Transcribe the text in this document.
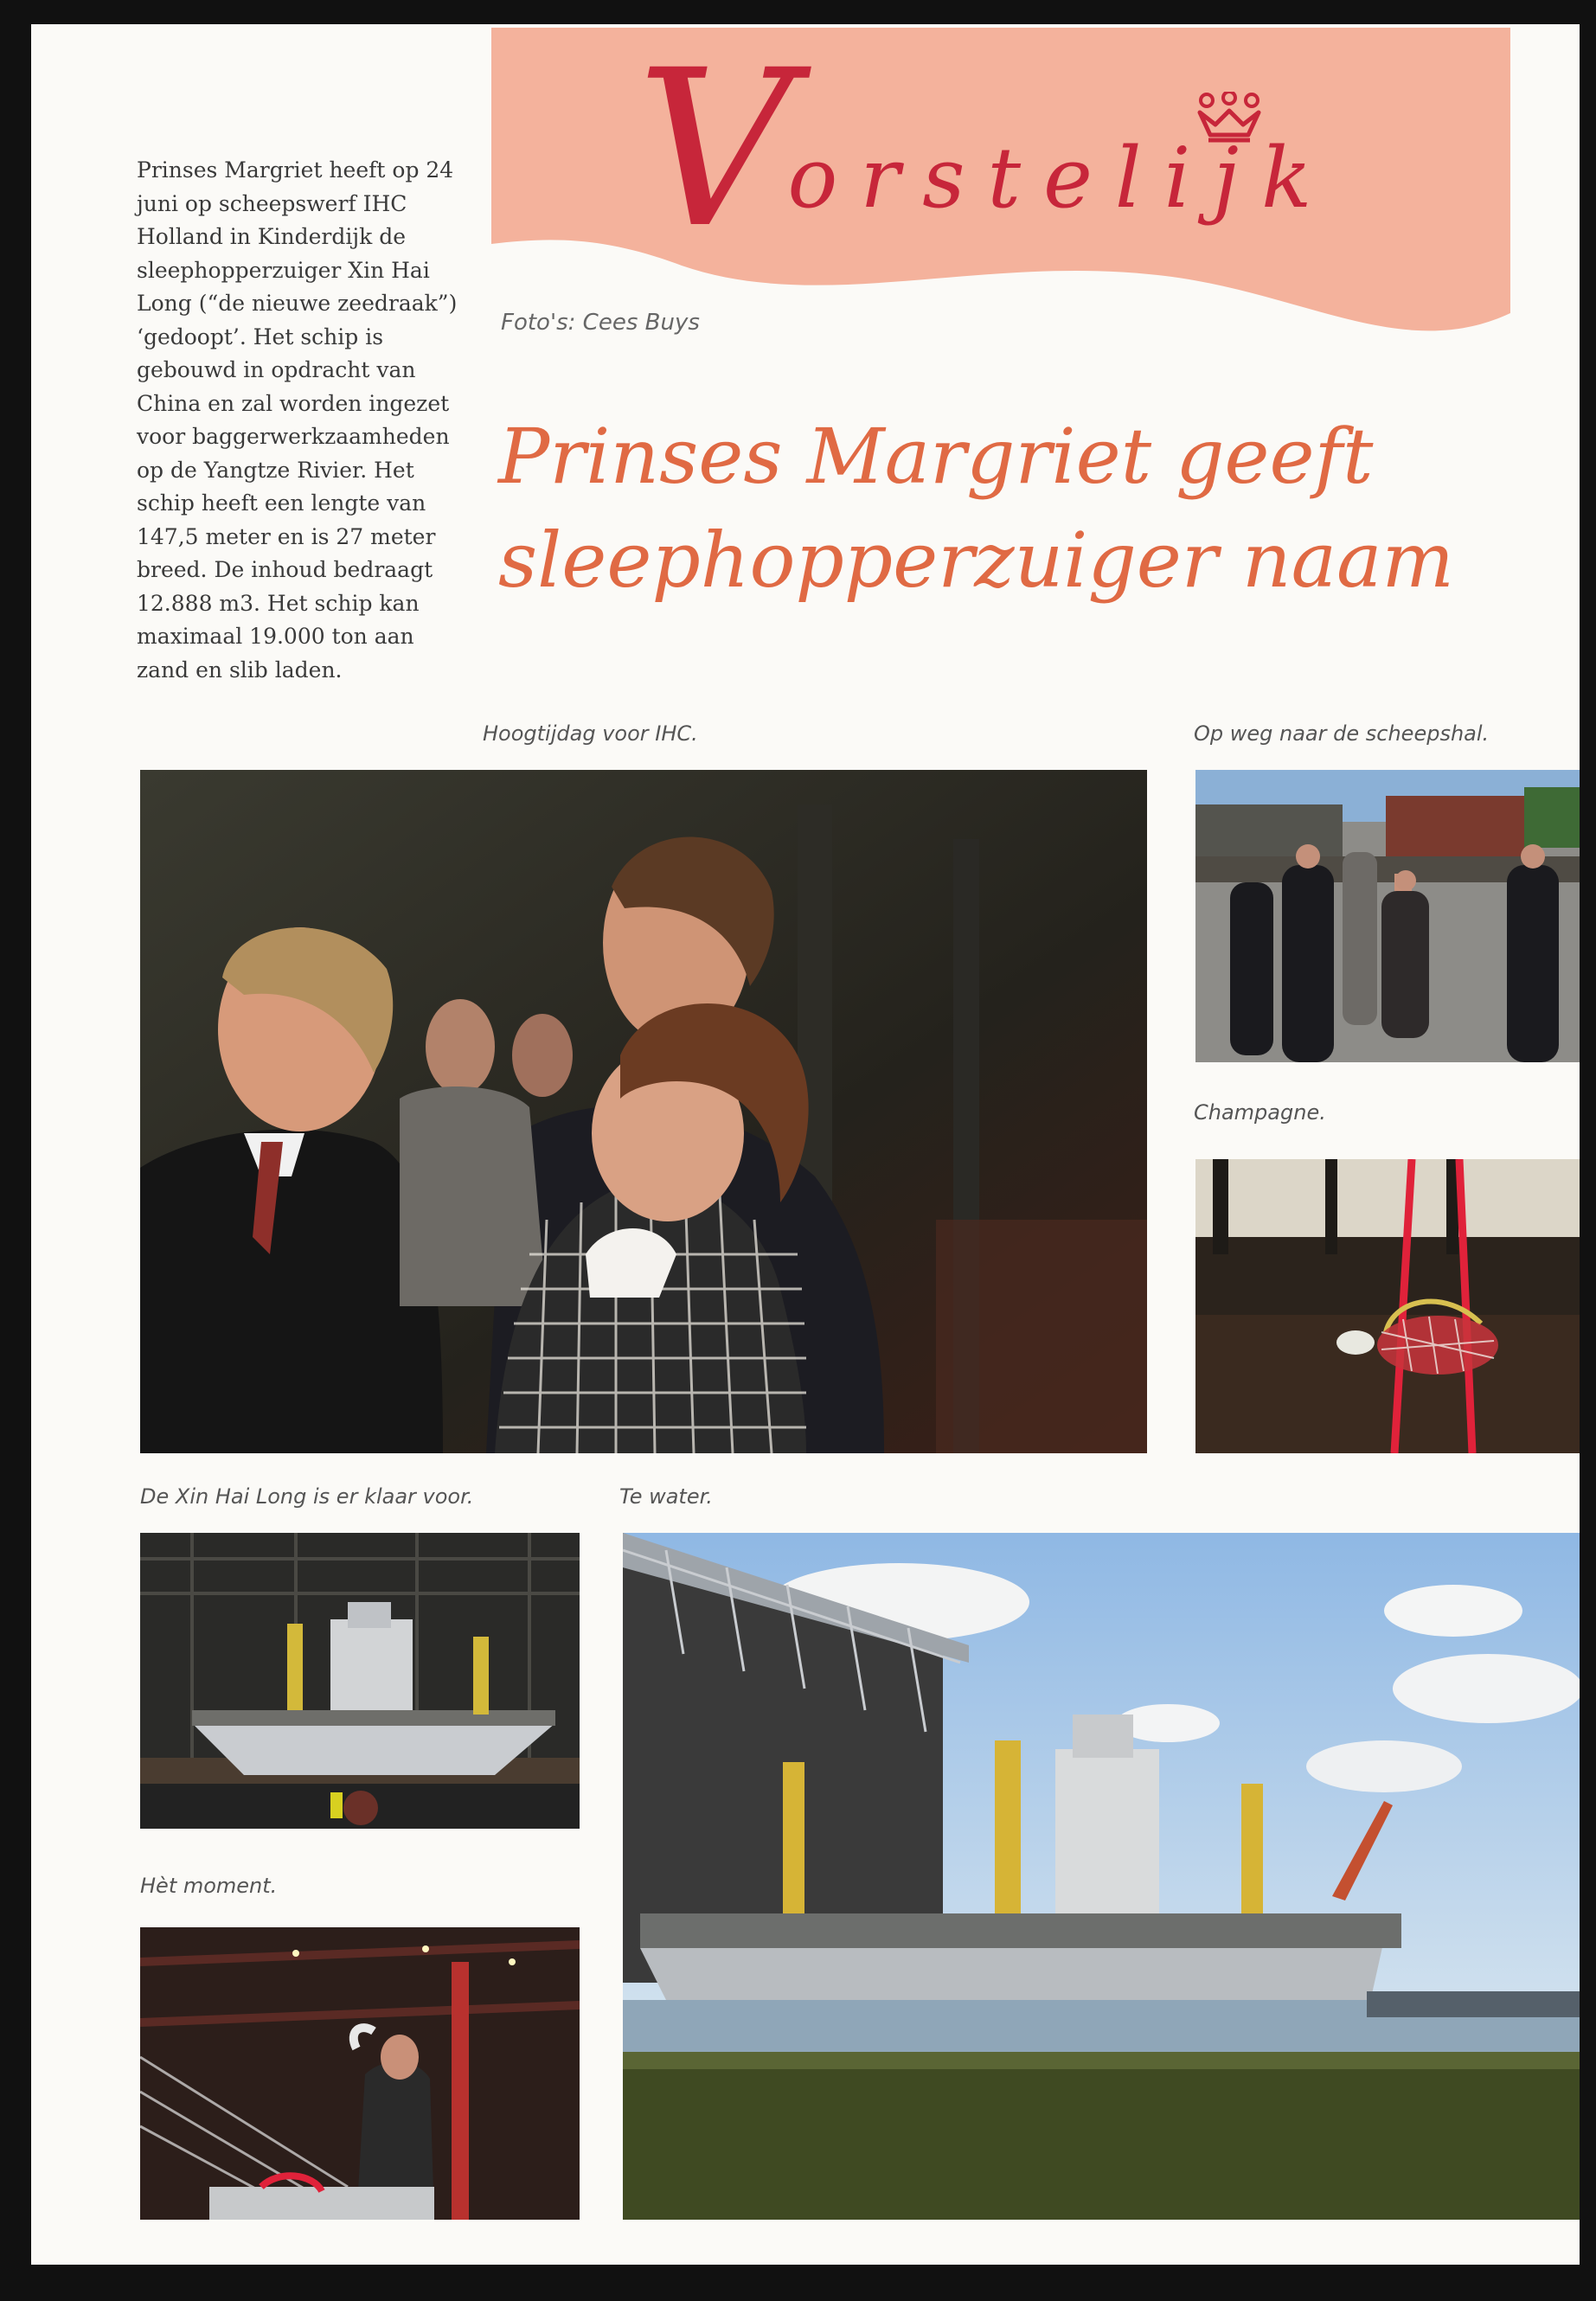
Vorstelijk
Prinses Margriet heeft op 24 juni op scheepswerf IHC Holland in Kinderdijk de sleephopperzuiger Xin Hai Long (“de nieuwe zeedraak”) ‘gedoopt’. Het schip is gebouwd in opdracht van China en zal worden ingezet voor baggerwerkzaamheden op de Yangtze Rivier. Het schip heeft een lengte van 147,5 meter en is 27 meter breed. De inhoud bedraagt 12.888 m3. Het schip kan maximaal 19.000 ton aan zand en slib laden.
Foto's: Cees Buys
Prinses Margriet geeft
sleephopperzuiger naam
Hoogtijdag voor IHC.	Op weg naar de scheepshal.
Champagne.
De Xin Hai Long is er klaar voor.	Te water.
Hèt moment.
